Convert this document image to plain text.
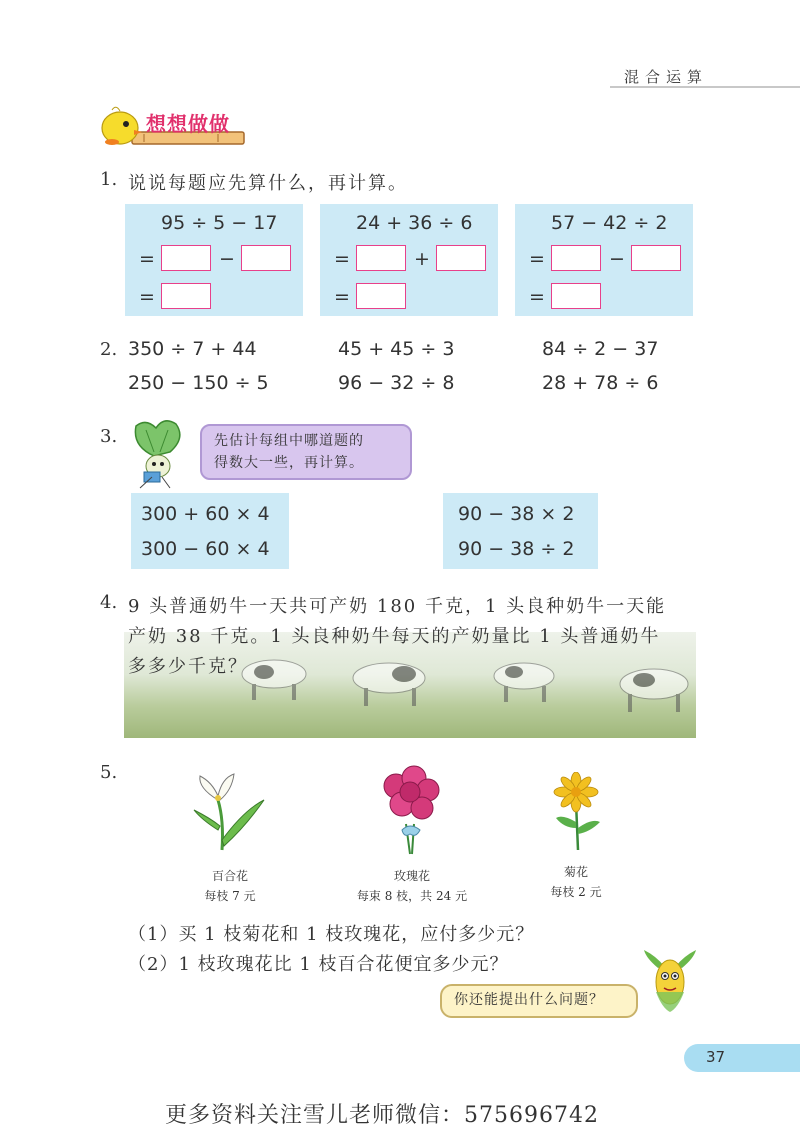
混合运算
想想做做
1. 说说每题应先算什么，再计算。
95 ÷ 5 − 17
=	−
=
24 + 36 ÷ 6
=	+
=
57 − 42 ÷ 2
=	−
=
2. 350 ÷ 7 + 44	45 + 45 ÷ 3	84 ÷ 2 − 37
250 − 150 ÷ 5	96 − 32 ÷ 8	28 + 78 ÷ 6
3.	先估计每组中哪道题的
得数大一些，再计算。
300 + 60 × 4
300 − 60 × 4
90 − 38 × 2
90 − 38 ÷ 2
4. 9 头普通奶牛一天共可产奶 180 千克，1 头良种奶牛一天能
产奶 38 千克。1 头良种奶牛每天的产奶量比 1 头普通奶牛
多多少千克？
5.
百合花
每枝 7 元
玫瑰花
每束 8 枝，共 24 元
菊花
每枝 2 元
（1）买 1 枝菊花和 1 枝玫瑰花，应付多少元？
（2）1 枝玫瑰花比 1 枝百合花便宜多少元？
你还能提出什么问题？
37
更多资料关注雪儿老师微信：575696742
